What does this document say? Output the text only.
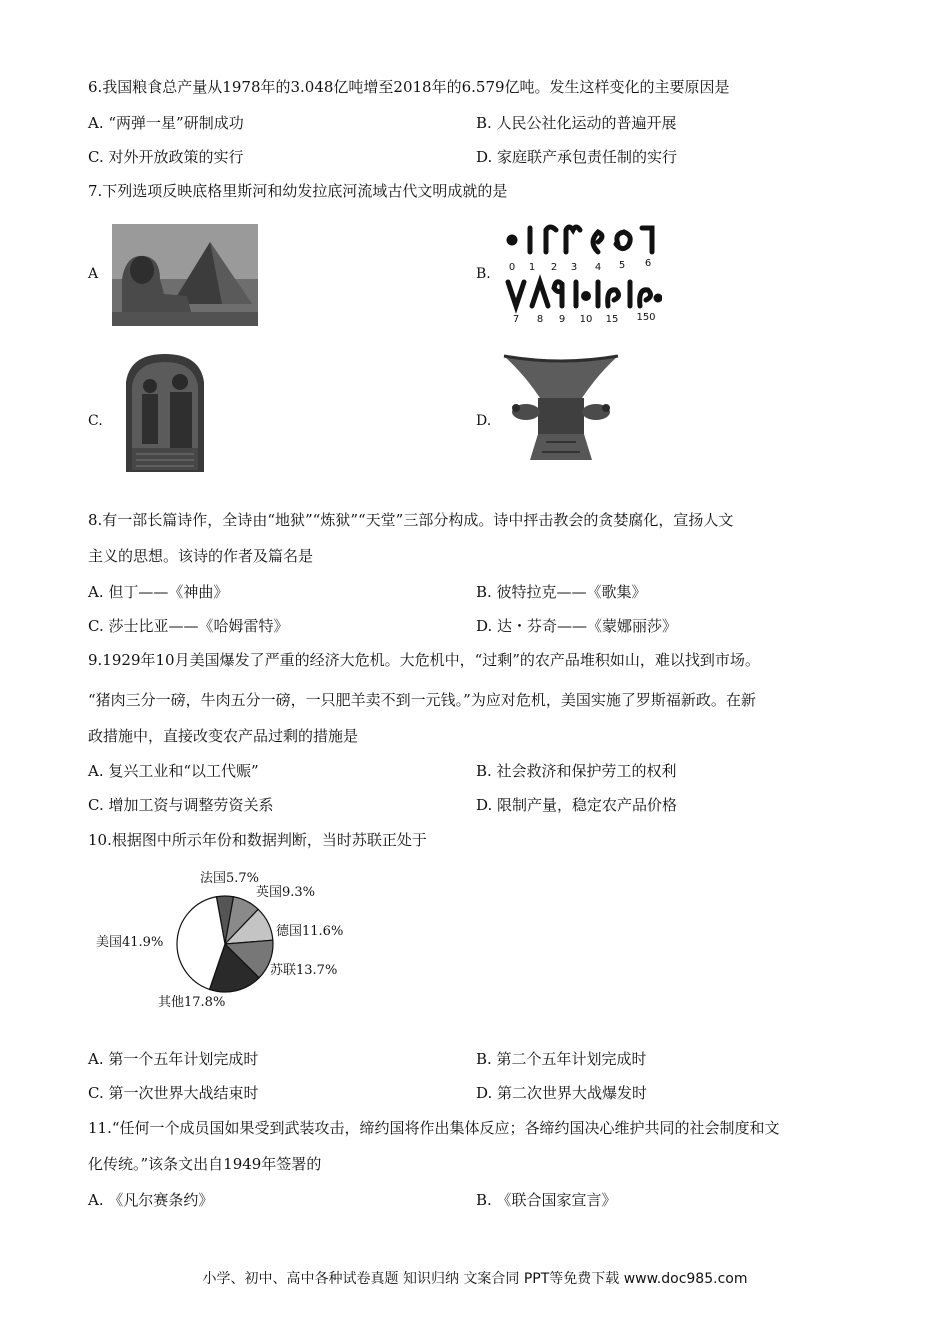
6.我国粮食总产量从1978年的3.048亿吨增至2018年的6.579亿吨。发生这样变化的主要原因是
A. “两弹一星”研制成功	B. 人民公社化运动的普遍开展
C. 对外开放政策的实行	D. 家庭联产承包责任制的实行
7.下列选项反映底格里斯河和幼发拉底河流域古代文明成就的是
A	B. 0 1 2 3 4 5 6
7 8 9 10 15 150
C.	D.
8.有一部长篇诗作，全诗由“地狱”“炼狱”“天堂”三部分构成。诗中抨击教会的贪婪腐化，宣扬人文
主义的思想。该诗的作者及篇名是
A. 但丁——《神曲》	B. 彼特拉克——《歌集》
C. 莎士比亚——《哈姆雷特》	D. 达・芬奇——《蒙娜丽莎》
9.1929年10月美国爆发了严重的经济大危机。大危机中，“过剩”的农产品堆积如山，难以找到市场。
“猪肉三分一磅，牛肉五分一磅，一只肥羊卖不到一元钱。”为应对危机，美国实施了罗斯福新政。在新
政措施中，直接改变农产品过剩的措施是
A. 复兴工业和“以工代赈”	B. 社会救济和保护劳工的权利
C. 增加工资与调整劳资关系	D. 限制产量，稳定农产品价格
10.根据图中所示年份和数据判断，当时苏联正处于
法国5.7%
英国9.3%
德国11.6%
苏联13.7%
其他17.8%
美国41.9%
A. 第一个五年计划完成时	B. 第二个五年计划完成时
C. 第一次世界大战结束时	D. 第二次世界大战爆发时
11.“任何一个成员国如果受到武装攻击，缔约国将作出集体反应；各缔约国决心维护共同的社会制度和文
化传统。”该条文出自1949年签署的
A. 《凡尔赛条约》	B. 《联合国家宣言》
小学、初中、高中各种试卷真题 知识归纳 文案合同 PPT等免费下载 www.doc985.com
